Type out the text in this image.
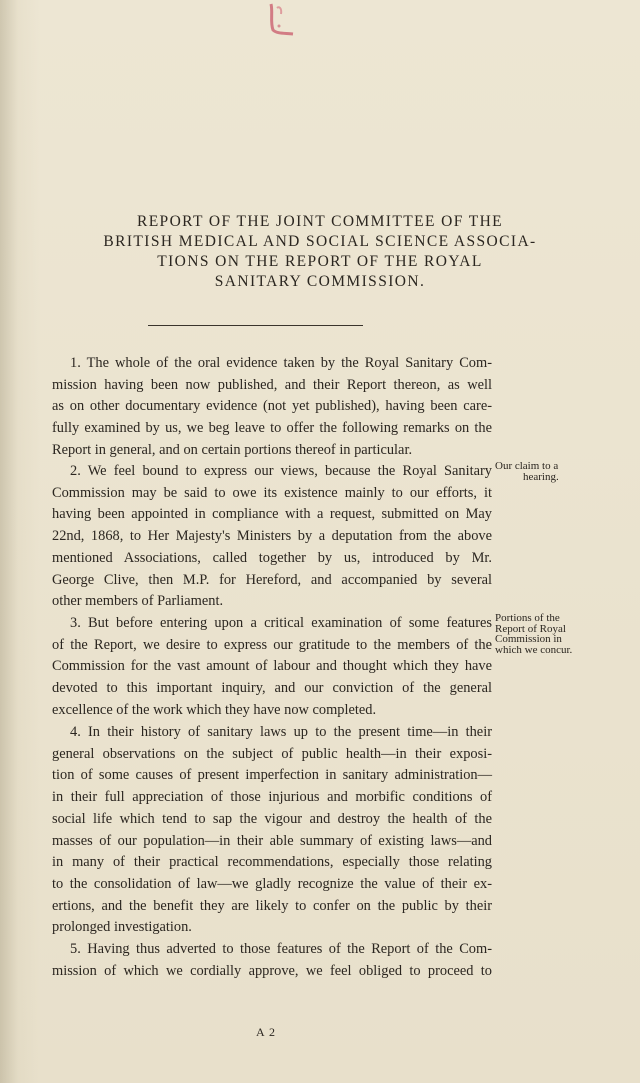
REPORT OF THE JOINT COMMITTEE OF THE
BRITISH MEDICAL AND SOCIAL SCIENCE ASSOCIA-
TIONS ON THE REPORT OF THE ROYAL
SANITARY COMMISSION.
1. The whole of the oral evidence taken by the Royal Sanitary Com-
mission having been now published, and their Report thereon, as well
as on other documentary evidence (not yet published), having been care-
fully examined by us, we beg leave to offer the following remarks on the
Report in general, and on certain portions thereof in particular.
2. We feel bound to express our views, because the Royal Sanitary
Commission may be said to owe its existence mainly to our efforts, it
having been appointed in compliance with a request, submitted on May
22nd, 1868, to Her Majesty's Ministers by a deputation from the above
mentioned Associations, called together by us, introduced by Mr.
George Clive, then M.P. for Hereford, and accompanied by several
other members of Parliament.
Our claim to a
hearing.
3. But before entering upon a critical examination of some features
of the Report, we desire to express our gratitude to the members of the
Commission for the vast amount of labour and thought which they have
devoted to this important inquiry, and our conviction of the general
excellence of the work which they have now completed.
Portions of the
Report of Royal
Commission in
which we concur.
4. In their history of sanitary laws up to the present time—in their
general observations on the subject of public health—in their exposi-
tion of some causes of present imperfection in sanitary administration—
in their full appreciation of those injurious and morbific conditions of
social life which tend to sap the vigour and destroy the health of the
masses of our population—in their able summary of existing laws—and
in many of their practical recommendations, especially those relating
to the consolidation of law—we gladly recognize the value of their ex-
ertions, and the benefit they are likely to confer on the public by their
prolonged investigation.
5. Having thus adverted to those features of the Report of the Com-
mission of which we cordially approve, we feel obliged to proceed to
A 2
